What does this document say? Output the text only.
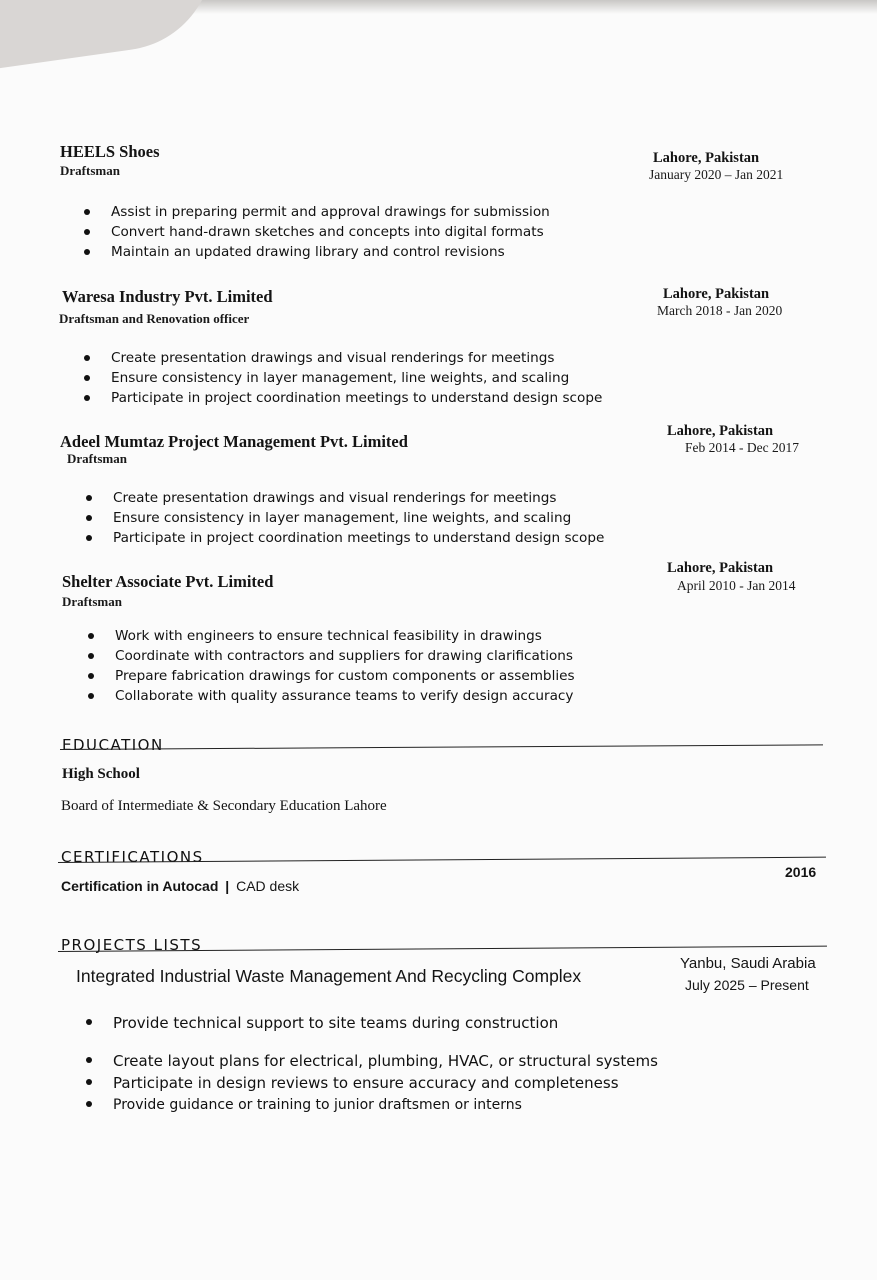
HEELS Shoes
Draftsman
Lahore, Pakistan
January 2020 – Jan 2021
Assist in preparing permit and approval drawings for submission
Convert hand-drawn sketches and concepts into digital formats
Maintain an updated drawing library and control revisions
Waresa Industry Pvt. Limited
Draftsman and Renovation officer
Lahore, Pakistan
March 2018 - Jan 2020
Create presentation drawings and visual renderings for meetings
Ensure consistency in layer management, line weights, and scaling
Participate in project coordination meetings to understand design scope
Adeel Mumtaz Project Management Pvt. Limited
Draftsman
Lahore, Pakistan
Feb 2014 - Dec 2017
Create presentation drawings and visual renderings for meetings
Ensure consistency in layer management, line weights, and scaling
Participate in project coordination meetings to understand design scope
Shelter Associate Pvt. Limited
Draftsman
Lahore, Pakistan
April 2010 - Jan 2014
Work with engineers to ensure technical feasibility in drawings
Coordinate with contractors and suppliers for drawing clarifications
Prepare fabrication drawings for custom components or assemblies
Collaborate with quality assurance teams to verify design accuracy
EDUCATION
High School
Board of Intermediate & Secondary Education Lahore
CERTIFICATIONS
Certification in Autocad | CAD desk
2016
PROJECTS LISTS
Integrated Industrial Waste Management And Recycling Complex
Yanbu, Saudi Arabia
July 2025 – Present
Provide technical support to site teams during construction
Create layout plans for electrical, plumbing, HVAC, or structural systems
Participate in design reviews to ensure accuracy and completeness
Provide guidance or training to junior draftsmen or interns
